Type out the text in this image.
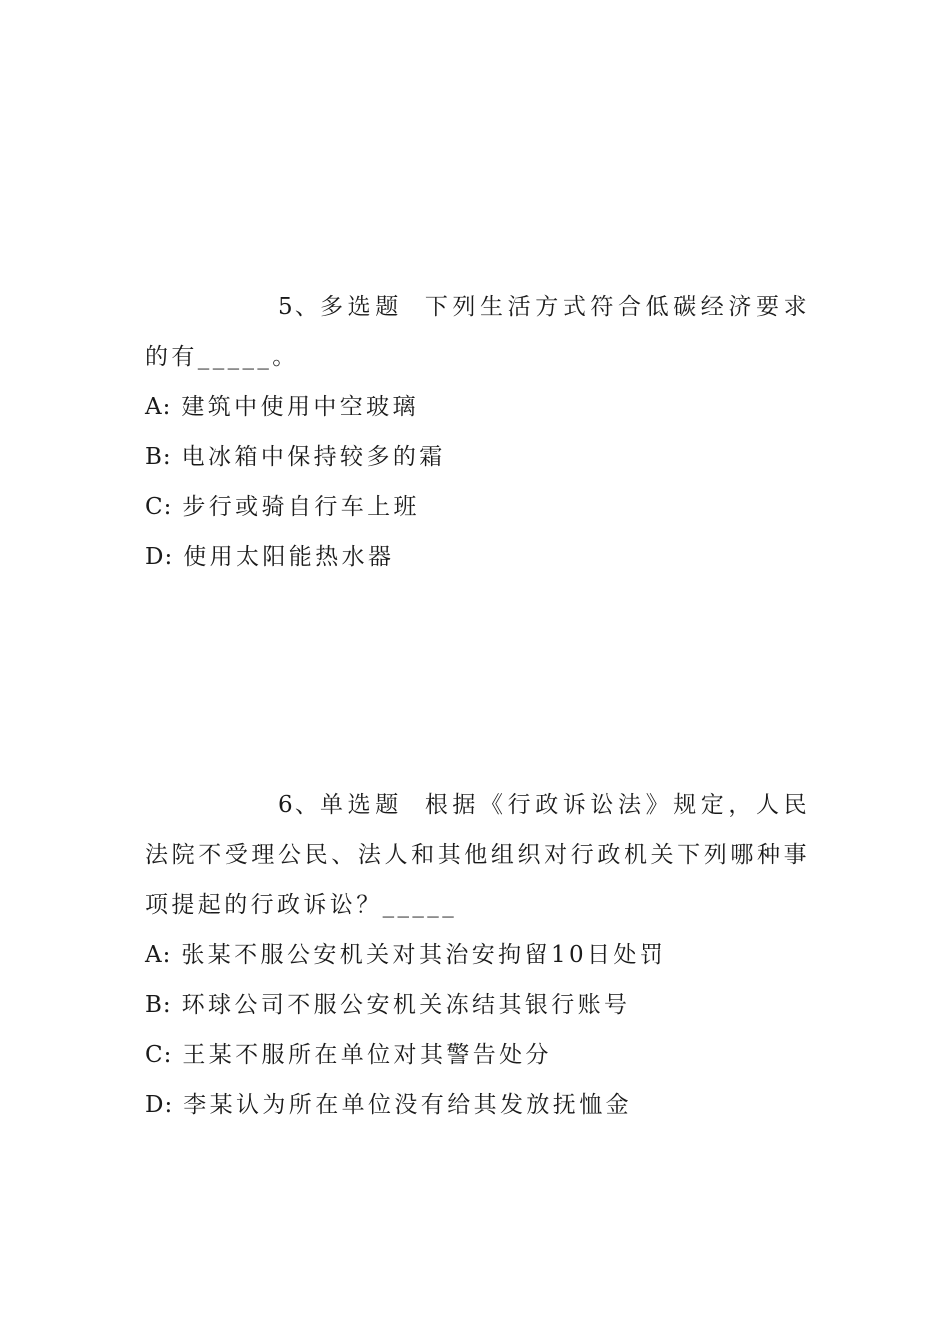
5、多选题 下列生活方式符合低碳经济要求的有_____。

A: 建筑中使用中空玻璃
B: 电冰箱中保持较多的霜
C: 步行或骑自行车上班
D: 使用太阳能热水器

6、单选题 根据《行政诉讼法》规定，人民法院不受理公民、法人和其他组织对行政机关下列哪种事项提起的行政诉讼？_____

A: 张某不服公安机关对其治安拘留10日处罚
B: 环球公司不服公安机关冻结其银行账号
C: 王某不服所在单位对其警告处分
D: 李某认为所在单位没有给其发放抚恤金
